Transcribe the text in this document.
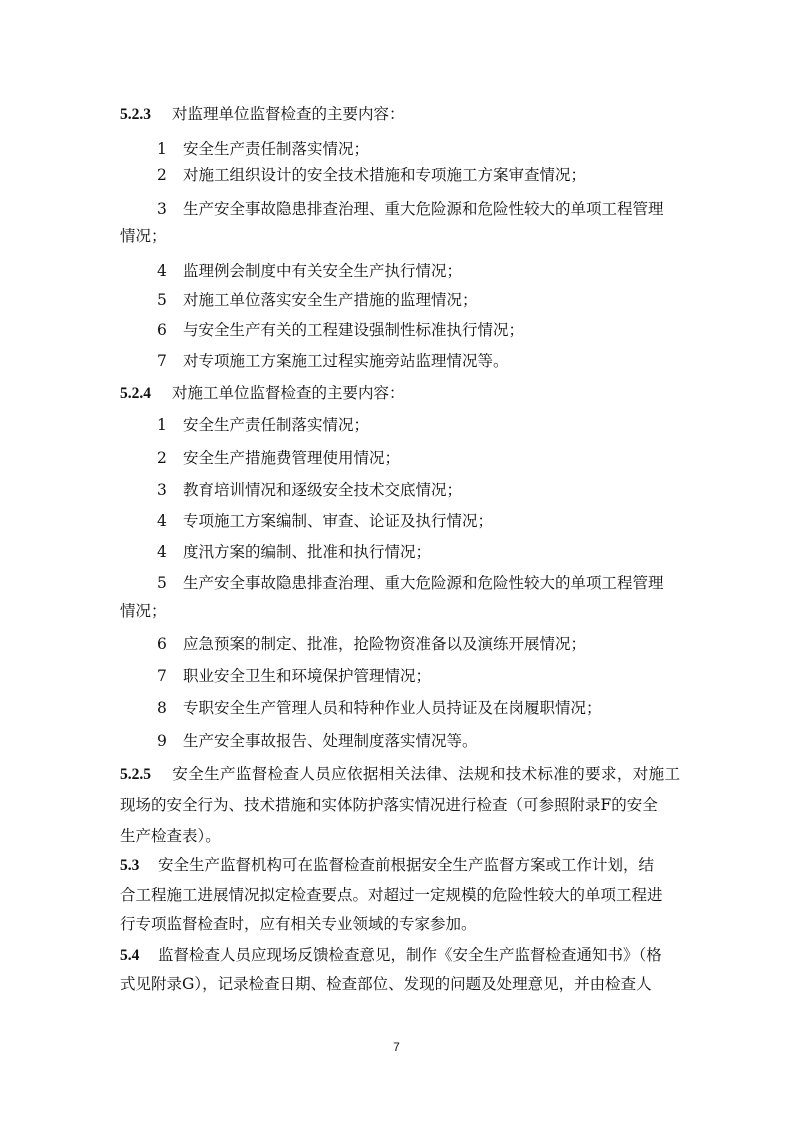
5.2.3 对监理单位监督检查的主要内容：
1 安全生产责任制落实情况；
2 对施工组织设计的安全技术措施和专项施工方案审查情况；
3 生产安全事故隐患排查治理、重大危险源和危险性较大的单项工程管理
情况；
4 监理例会制度中有关安全生产执行情况；
5 对施工单位落实安全生产措施的监理情况；
6 与安全生产有关的工程建设强制性标准执行情况；
7 对专项施工方案施工过程实施旁站监理情况等。
5.2.4 对施工单位监督检查的主要内容：
1 安全生产责任制落实情况；
2 安全生产措施费管理使用情况；
3 教育培训情况和逐级安全技术交底情况；
4 专项施工方案编制、审查、论证及执行情况；
4 度汛方案的编制、批准和执行情况；
5 生产安全事故隐患排查治理、重大危险源和危险性较大的单项工程管理
情况；
6 应急预案的制定、批准，抢险物资准备以及演练开展情况；
7 职业安全卫生和环境保护管理情况；
8 专职安全生产管理人员和特种作业人员持证及在岗履职情况；
9 生产安全事故报告、处理制度落实情况等。
5.2.5 安全生产监督检查人员应依据相关法律、法规和技术标准的要求，对施工
现场的安全行为、技术措施和实体防护落实情况进行检查（可参照附录F的安全
生产检查表）。
5.3 安全生产监督机构可在监督检查前根据安全生产监督方案或工作计划，结
合工程施工进展情况拟定检查要点。对超过一定规模的危险性较大的单项工程进
行专项监督检查时，应有相关专业领域的专家参加。
5.4 监督检查人员应现场反馈检查意见，制作《安全生产监督检查通知书》（格
式见附录G），记录检查日期、检查部位、发现的问题及处理意见，并由检查人
7
